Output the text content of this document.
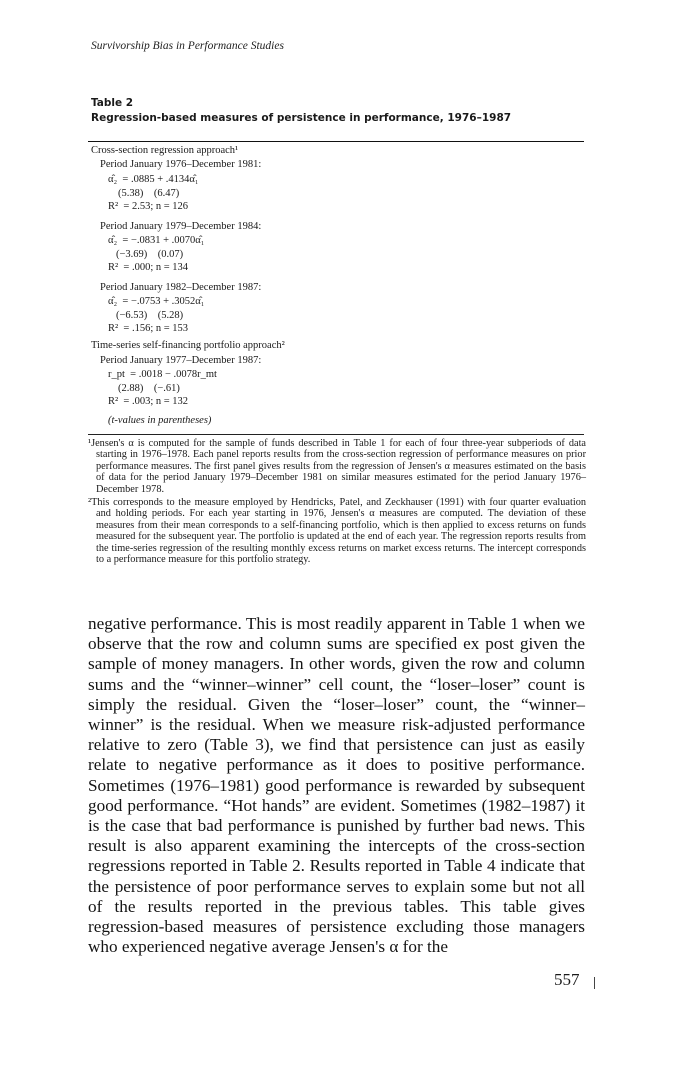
Survivorship Bias in Performance Studies
Table 2
Regression-based measures of persistence in performance, 1976–1987
Cross-section regression approach¹
Period January 1976–December 1981:
α̂₂  = .0885 + .4134α̂₁
(5.38)    (6.47)
R²  = 2.53; n = 126
Period January 1979–December 1984:
α̂₂  = −.0831 + .0070α̂₁
(−3.69)    (0.07)
R²  = .000; n = 134
Period January 1982–December 1987:
α̂₂  = −.0753 + .3052α̂₁
(−6.53)    (5.28)
R²  = .156; n = 153
Time-series self-financing portfolio approach²
Period January 1977–December 1987:
r_pt  = .0018 − .0078r_mt
(2.88)    (−.61)
R²  = .003; n = 132
(t-values in parentheses)

¹Jensen's α is computed for the sample of funds described in Table 1 for each of four three-year subperiods of data starting in 1976–1978. Each panel reports results from the cross-section regression of performance measures on prior performance measures. The first panel gives results from the regression of Jensen's α measures estimated on the basis of data for the period January 1979–December 1981 on similar measures estimated for the period January 1976–December 1978.

²This corresponds to the measure employed by Hendricks, Patel, and Zeckhauser (1991) with four quarter evaluation and holding periods. For each year starting in 1976, Jensen's α measures are computed. The deviation of these measures from their mean corresponds to a self-financing portfolio, which is then applied to excess returns on funds measured for the subsequent year. The portfolio is updated at the end of each year. The regression reports results from the time-series regression of the resulting monthly excess returns on market excess returns. The intercept corresponds to a performance measure for this portfolio strategy.

negative performance. This is most readily apparent in Table 1 when we observe that the row and column sums are specified ex post given the sample of money managers. In other words, given the row and column sums and the “winner–winner” cell count, the “loser–loser” count is simply the residual. Given the “loser–loser” count, the “winner–winner” is the residual. When we measure risk-adjusted performance relative to zero (Table 3), we find that persistence can just as easily relate to negative performance as it does to positive performance. Sometimes (1976–1981) good performance is rewarded by subsequent good performance. “Hot hands” are evident. Sometimes (1982–1987) it is the case that bad performance is punished by further bad news. This result is also apparent examining the intercepts of the cross-section regressions reported in Table 2. Results reported in Table 4 indicate that the persistence of poor performance serves to explain some but not all of the results reported in the previous tables. This table gives regression-based measures of persistence excluding those managers who experienced negative average Jensen's α for the
557
